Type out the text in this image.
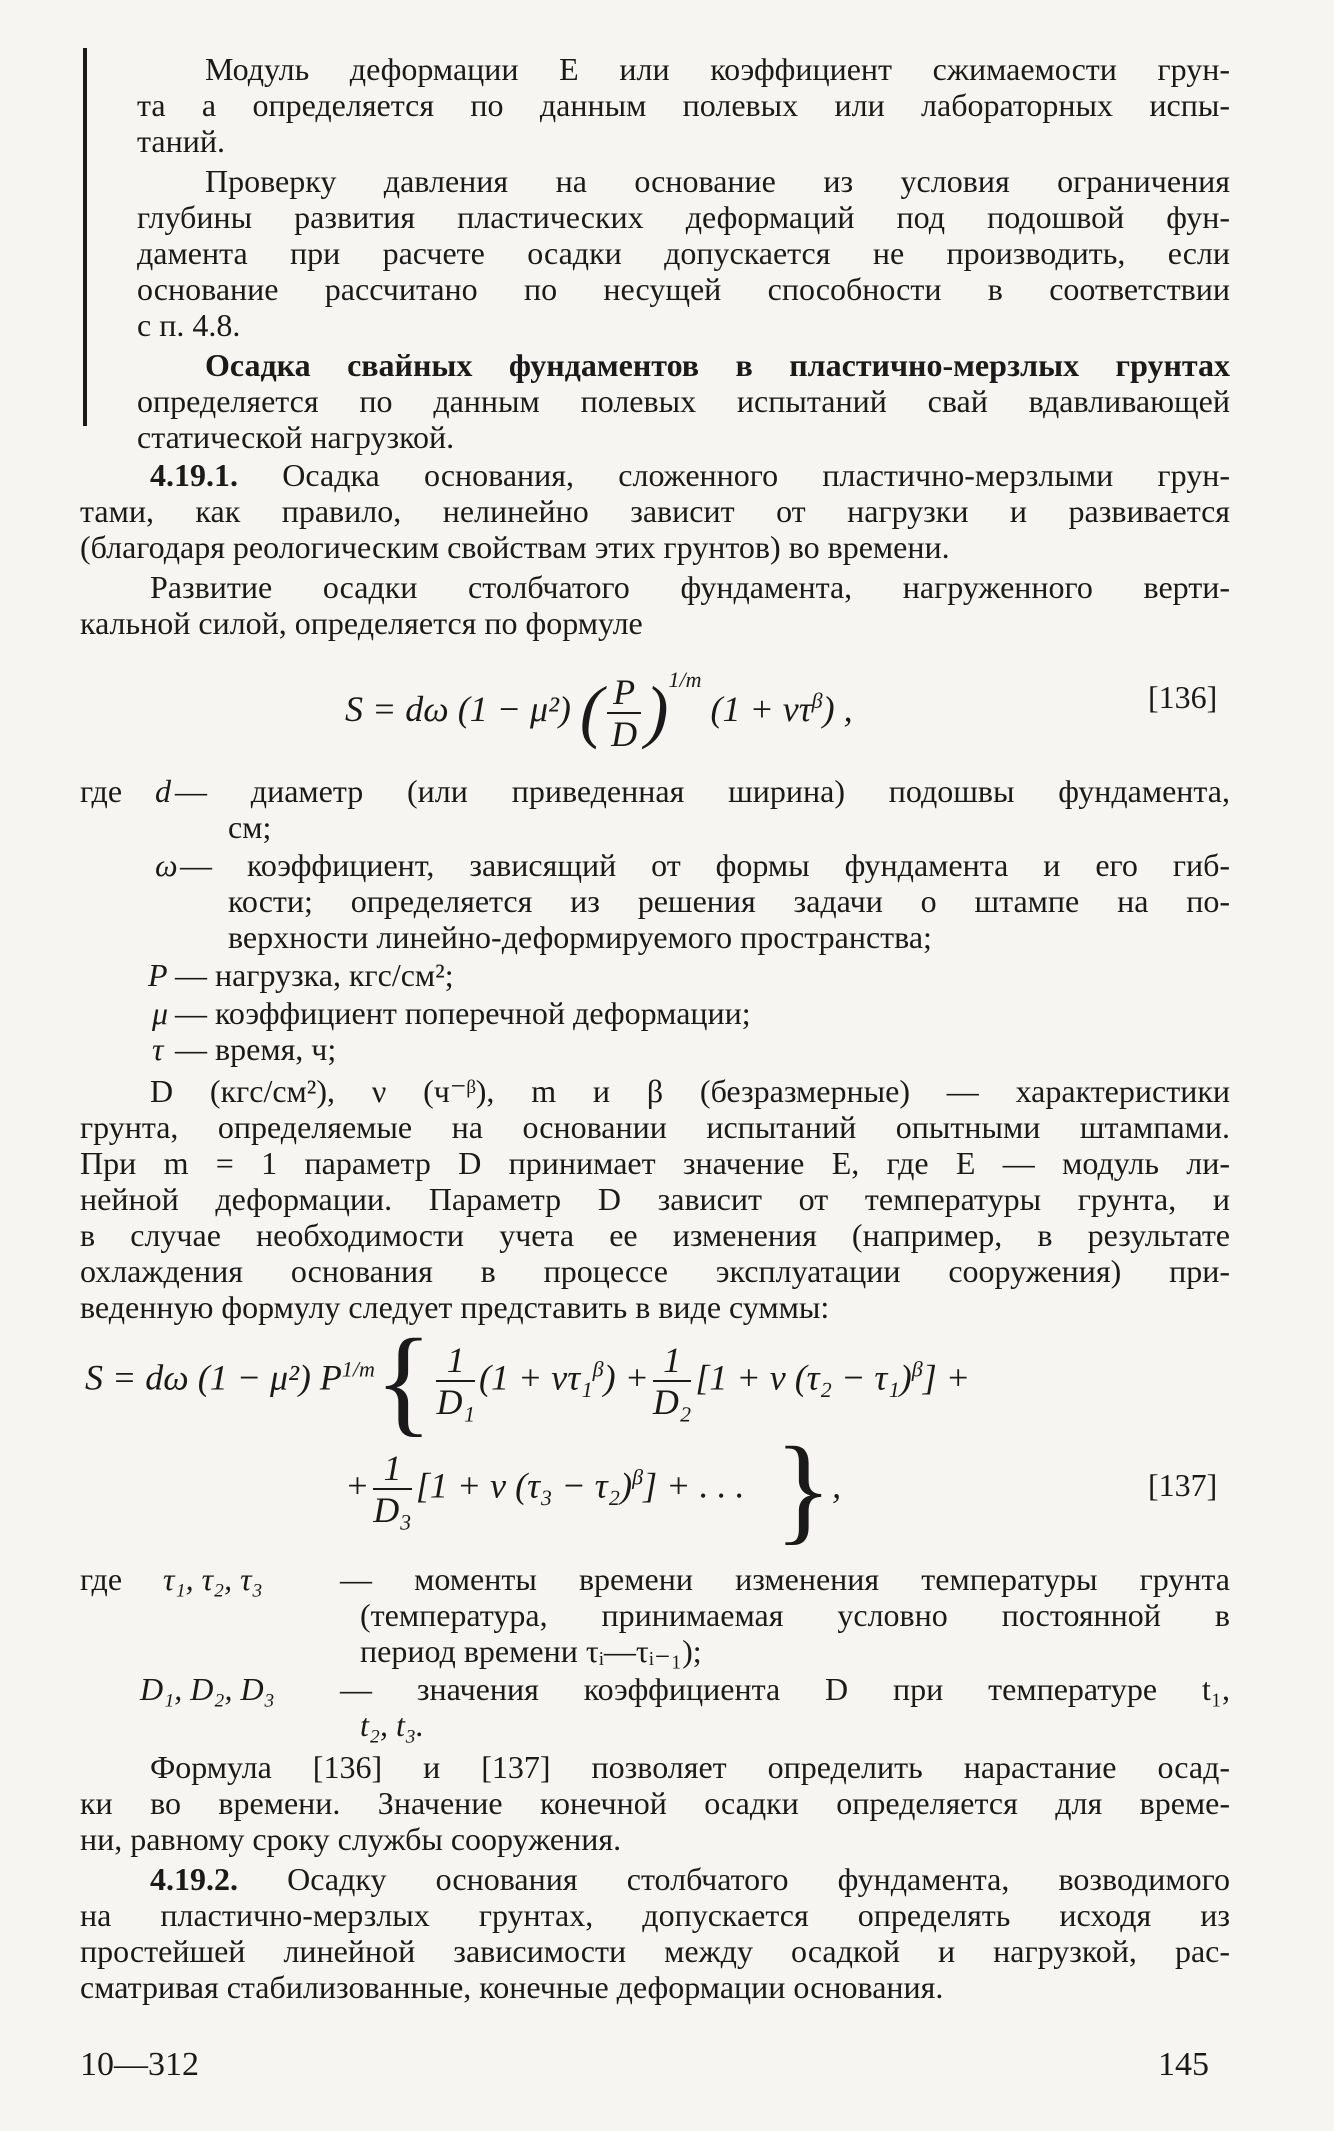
Модуль деформации E или коэффициент сжимаемости грун-
та a определяется по данным полевых или лабораторных испы-
таний.
Проверку давления на основание из условия ограничения
глубины развития пластических деформаций под подошвой фун-
дамента при расчете осадки допускается не производить, если
основание рассчитано по несущей способности в соответствии
с п. 4.8.
Осадка свайных фундаментов в пластично-мерзлых грунтах
определяется по данным полевых испытаний свай вдавливающей
статической нагрузкой.
4.19.1. Осадка основания, сложенного пластично-мерзлыми грун-
тами, как правило, нелинейно зависит от нагрузки и развивается
(благодаря реологическим свойствам этих грунтов) во времени.
Развитие осадки столбчатого фундамента, нагруженного верти-
кальной силой, определяется по формуле
S = dω (1 − μ²) ( $\frac{P}{D} )^{1/m}$ $(1 + \nu\tau^\beta)$ ,	[136]
где d — диаметр (или приведенная ширина) подошвы фундамента,
см;
ω — коэффициент, зависящий от формы фундамента и его гиб-
кости; определяется из решения задачи о штампе на по-
верхности линейно-деформируемого пространства;
P — нагрузка, кгс/см²;
μ — коэффициент поперечной деформации;
τ — время, ч;
D (кгс/см²), ν (ч⁻ᵝ), m и β (безразмерные) — характеристики
грунта, определяемые на основании испытаний опытными штампами.
При m = 1 параметр D принимает значение E, где E — модуль ли-
нейной деформации. Параметр D зависит от температуры грунта, и
в случае необходимости учета ее изменения (например, в результате
охлаждения основания в процессе эксплуатации сооружения) при-
веденную формулу следует представить в виде суммы:
S = dω (1 − μ²) $P^{1/m}\{ \frac{1}{\text{D₁}} (1 + \nu\tau_1^\beta) + \frac{1}{\text{D₂}} [1 + \nu$ $(\tau_2 - \tau_1)^\beta$] +
+ $\frac{1}{\text{D₃}} [1 + \nu$ $(\tau_3 - \tau_2)^\beta$] + . . . },	[137]
где τ₁, τ₂, τ₃ — моменты времени изменения температуры грунта
(температура, принимаемая условно постоянной в
период времени τᵢ—τᵢ₋₁);
D₁, D₂, D₃ — значения коэффициента D при температуре t₁,
t₂, t₃.
Формула [136] и [137] позволяет определить нарастание осад-
ки во времени. Значение конечной осадки определяется для време-
ни, равному сроку службы сооружения.
4.19.2. Осадку основания столбчатого фундамента, возводимого
на пластично-мерзлых грунтах, допускается определять исходя из
простейшей линейной зависимости между осадкой и нагрузкой, рас-
сматривая стабилизованные, конечные деформации основания.
10—312	145
